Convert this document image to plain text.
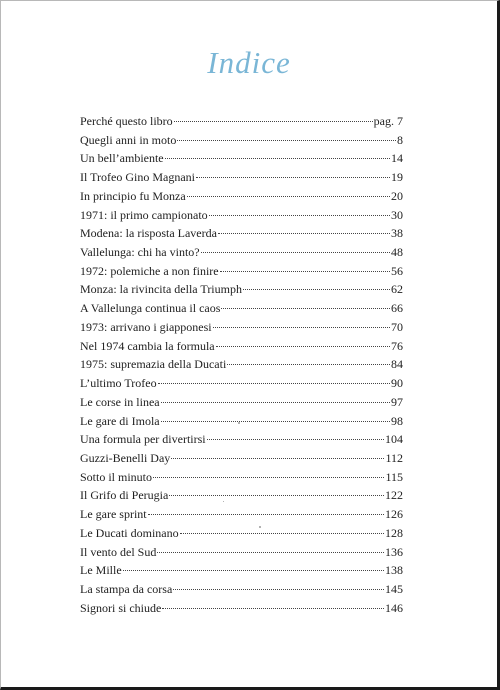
Indice
Perché questo libro	pag. 7
Quegli anni in moto	8
Un bell’ambiente	14
Il Trofeo Gino Magnani	19
In principio fu Monza	20
1971: il primo campionato	30
Modena: la risposta Laverda	38
Vallelunga: chi ha vinto?	48
1972: polemiche a non finire	56
Monza: la rivincita della Triumph	62
A Vallelunga continua il caos	66
1973: arrivano i giapponesi	70
Nel 1974 cambia la formula	76
1975: supremazia della Ducati	84
L’ultimo Trofeo	90
Le corse in linea	97
Le gare di Imola	98
Una formula per divertirsi	104
Guzzi-Benelli Day	112
Sotto il minuto	115
Il Grifo di Perugia	122
Le gare sprint	126
Le Ducati dominano	128
Il vento del Sud	136
Le Mille	138
La stampa da corsa	145
Signori si chiude	146
